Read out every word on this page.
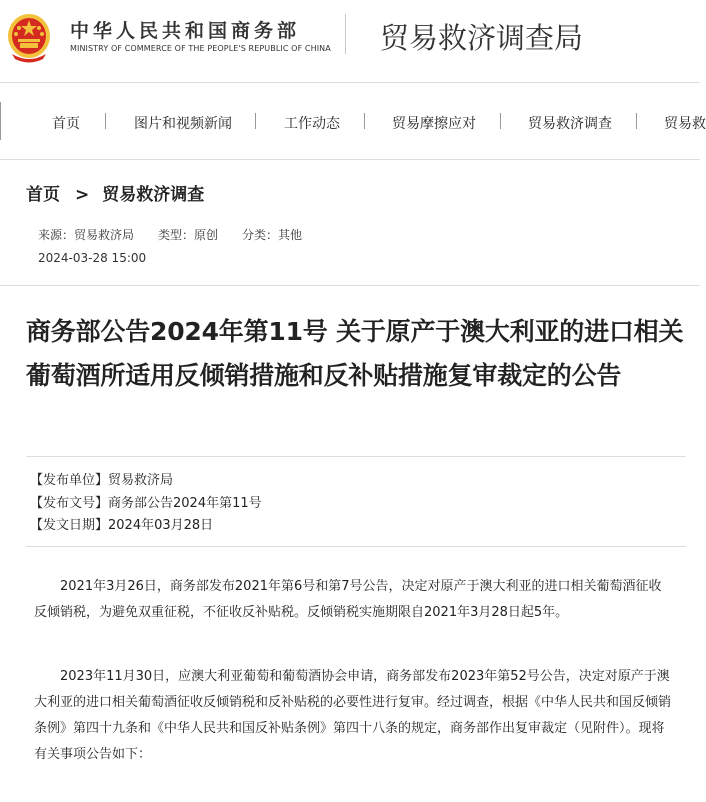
中华人民共和国商务部
MINISTRY OF COMMERCE OF THE PEOPLE'S REPUBLIC OF CHINA 贸易救济调查局
首页	图片和视频新闻	工作动态	贸易摩擦应对	贸易救济调查	贸易救
首页 > 贸易救济调查
来源：贸易救济局 类型：原创 分类：其他
2024-03-28 15:00
商务部公告2024年第11号 关于原产于澳大利亚的进口相关葡萄酒所适用反倾销措施和反补贴措施复审裁定的公告
【发布单位】贸易救济局
【发布文号】商务部公告2024年第11号
【发文日期】2024年03月28日
2021年3月26日，商务部发布2021年第6号和第7号公告，决定对原产于澳大利亚的进口相关葡萄酒征收反倾销税，为避免双重征税，不征收反补贴税。反倾销税实施期限自2021年3月28日起5年。
2023年11月30日，应澳大利亚葡萄和葡萄酒协会申请，商务部发布2023年第52号公告，决定对原产于澳大利亚的进口相关葡萄酒征收反倾销税和反补贴税的必要性进行复审。经过调查，根据《中华人民共和国反倾销条例》第四十九条和《中华人民共和国反补贴条例》第四十八条的规定，商务部作出复审裁定（见附件）。现将有关事项公告如下：
